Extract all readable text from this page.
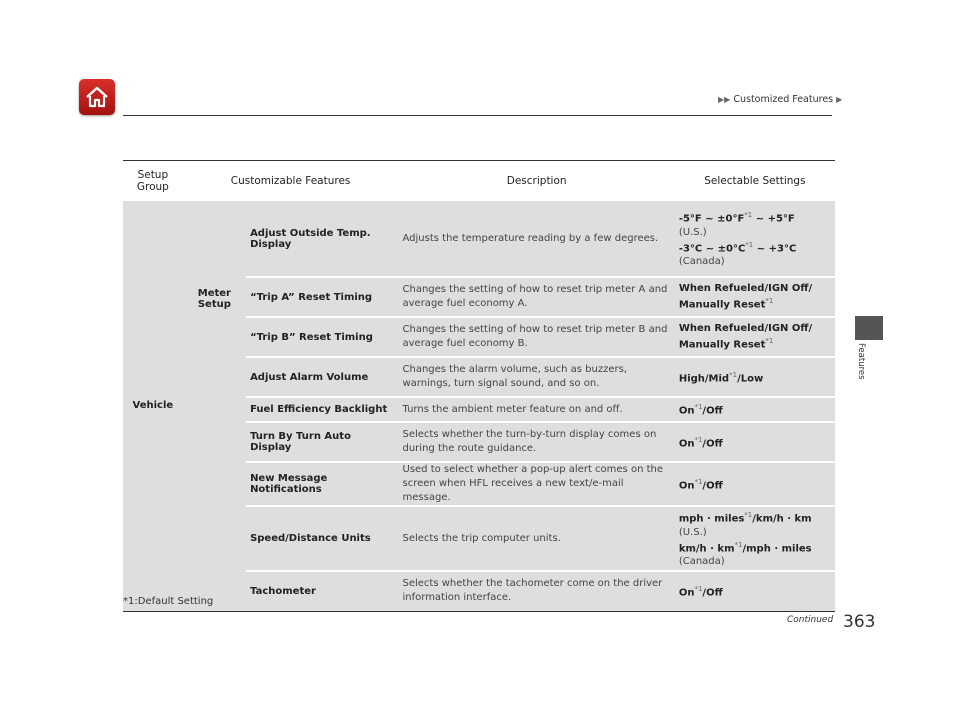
▶▶ Customized Features ▶
Features
Setup Group	Customizable Features		Description	Selectable Settings
Vehicle	Meter Setup	Adjust Outside Temp. Display	Adjusts the temperature reading by a few degrees.	-5°F ~ $\pm 0^\circ F^{*1}$ ~ +5°F
(U.S.)
-3°C ~ $\pm 0^\circ C^{*1}$ ~ +3°C
(Canada)

		“Trip A” Reset Timing	Changes the setting of how to reset trip meter A and average fuel economy A.	When Refueled/IGN Off/
Manually Reset$^{*1}$

		“Trip B” Reset Timing	Changes the setting of how to reset trip meter B and average fuel economy B.	When Refueled/IGN Off/
Manually Reset$^{*1}$

		Adjust Alarm Volume	Changes the alarm volume, such as buzzers, warnings, turn signal sound, and so on.	High/Mid$^{*1}$/Low

		Fuel Efficiency Backlight	Turns the ambient meter feature on and off.	On$^{*1}$/Off

		Turn By Turn Auto Display	Selects whether the turn-by-turn display comes on during the route guidance.	On$^{*1}$/Off

		New Message Notifications	Used to select whether a pop-up alert comes on the screen when HFL receives a new text/e-mail message.	On$^{*1}$/Off

		Speed/Distance Units	Selects the trip computer units.	mph · miles$^{*1}$/km/h · km
(U.S.)
$km/h \cdot km^{*1}$/mph · miles
(Canada)

		Tachometer	Selects whether the tachometer come on the driver information interface.	On$^{*1}$/Off
*1:Default Setting
Continued 363
